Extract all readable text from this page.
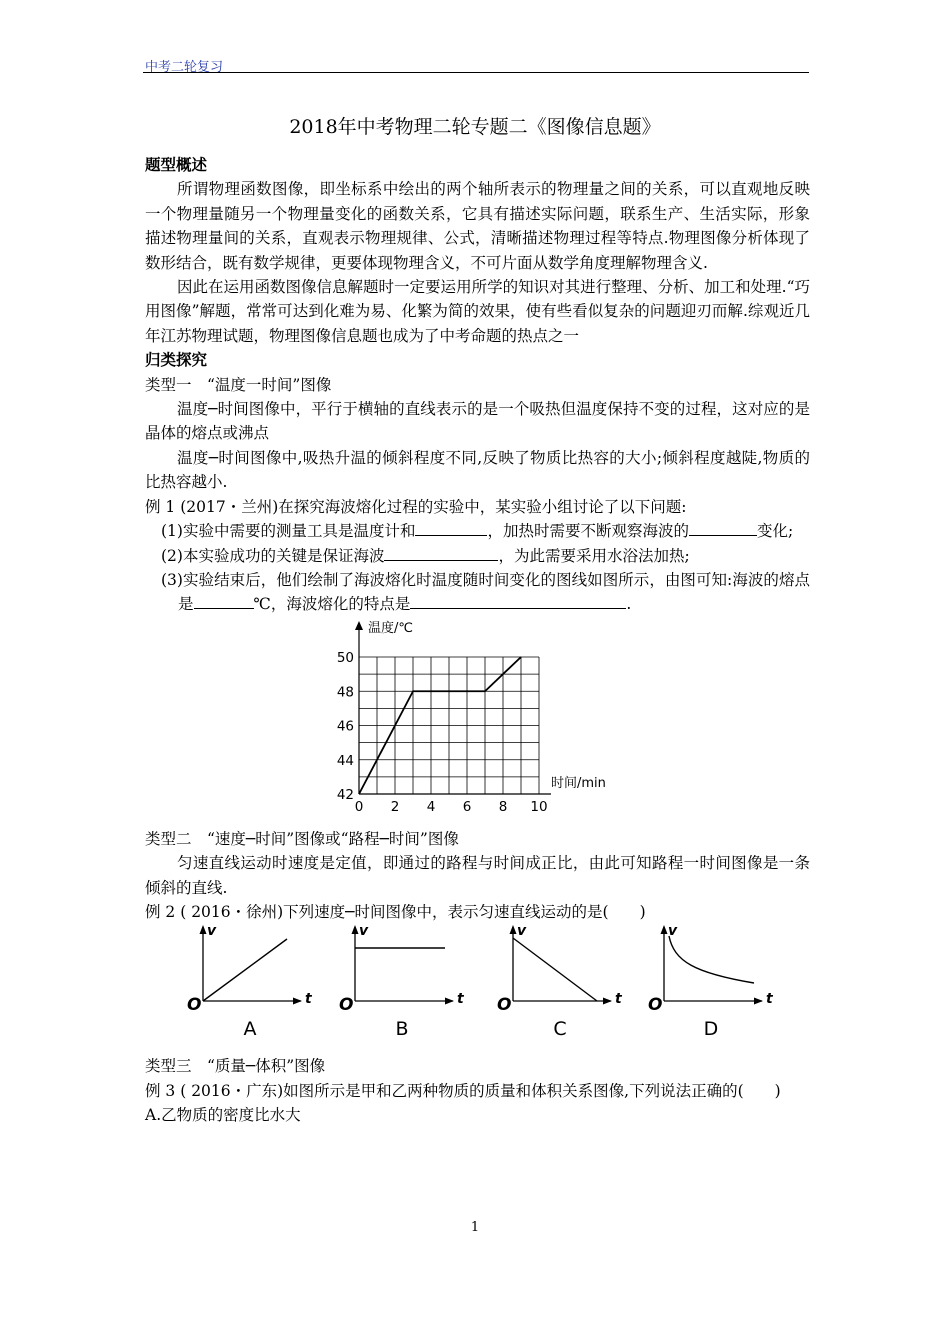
中考二轮复习
2018年中考物理二轮专题二《图像信息题》

题型概述

所谓物理函数图像，即坐标系中绘出的两个轴所表示的物理量之间的关系，可以直观地反映一个物理量随另一个物理量变化的函数关系，它具有描述实际问题，联系生产、生活实际，形象描述物理量间的关系，直观表示物理规律、公式，清晰描述物理过程等特点.物理图像分析体现了数形结合，既有数学规律，更要体现物理含义，不可片面从数学角度理解物理含义.

因此在运用函数图像信息解题时一定要运用所学的知识对其进行整理、分析、加工和处理.“巧用图像”解题，常常可达到化难为易、化繁为简的效果，使有些看似复杂的问题迎刃而解.综观近几年江苏物理试题，物理图像信息题也成为了中考命题的热点之一

归类探究

类型一　“温度一时间”图像

温度─时间图像中，平行于横轴的直线表示的是一个吸热但温度保持不变的过程，这对应的是晶体的熔点或沸点

温度─时间图像中,吸热升温的倾斜程度不同,反映了物质比热容的大小;倾斜程度越陡,物质的比热容越小.

例 1 (2017・兰州)在探究海波熔化过程的实验中，某实验小组讨论了以下问题:

(1)实验中需要的测量工具是温度计和	，加热时需要不断观察海波的	变化;

(2)本实验成功的关键是保证海波	，为此需要采用水浴法加热;

(3)实验结束后，他们绘制了海波熔化时温度随时间变化的图线如图所示，由图可知:海波的熔点是	℃，海波熔化的特点是	.

温度/℃
时间/min
0 2 4 6 8 10
42
44
46
48
50

类型二　“速度─时间”图像或“路程─时间”图像

匀速直线运动时速度是定值，即通过的路程与时间成正比，由此可知路程一时间图像是一条倾斜的直线.

例 2 ( 2016・徐州)下列速度─时间图像中，表示匀速直线运动的是(　　)

v
t
O
A
v
t
O
B
v
t
O
C
v
t
O
D

类型三　“质量─体积”图像

例 3 ( 2016・广东)如图所示是甲和乙两种物质的质量和体积关系图像,下列说法正确的(　　)

A.乙物质的密度比水大

1
